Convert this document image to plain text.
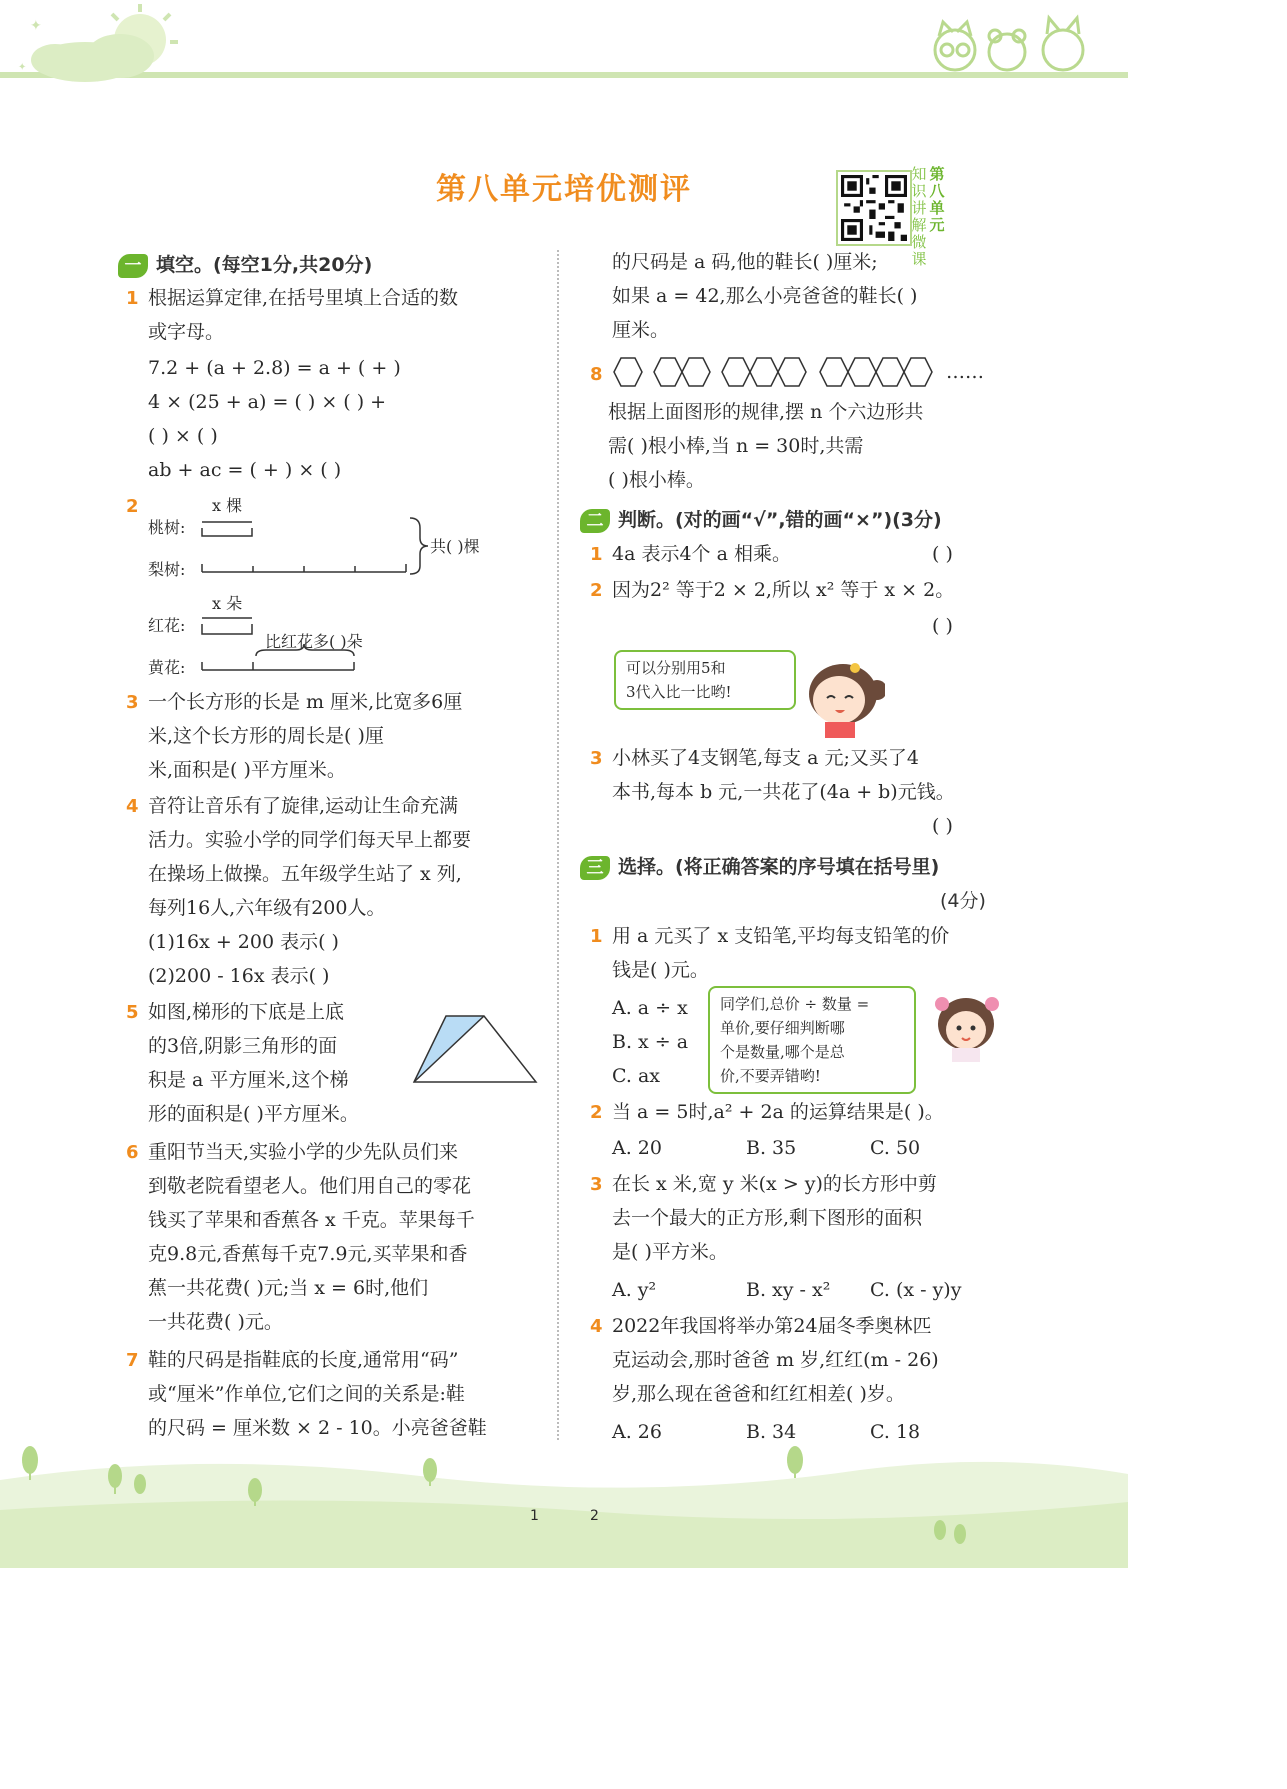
✦
✦
第八单元培优测评	知识讲解微课
第八单元
一 填空。(每空1分,共20分)
1 根据运算定律,在括号里填上合适的数
或字母。
7.2 + (a + 2.8) = a + ( + )
4 × (25 + a) = ( ) × ( ) +
( ) × ( )
ab + ac = ( + ) × ( )
2	x 棵
桃树:
梨树:
共( )棵
x 朵
红花:
比红花多( )朵
黄花:
3 一个长方形的长是 m 厘米,比宽多6厘
米,这个长方形的周长是( )厘
米,面积是( )平方厘米。
4 音符让音乐有了旋律,运动让生命充满
活力。实验小学的同学们每天早上都要
在操场上做操。五年级学生站了 x 列,
每列16人,六年级有200人。
(1)16x + 200 表示( )
(2)200 - 16x 表示( )
5 如图,梯形的下底是上底
的3倍,阴影三角形的面
积是 a 平方厘米,这个梯
形的面积是( )平方厘米。
6 重阳节当天,实验小学的少先队员们来
到敬老院看望老人。他们用自己的零花
钱买了苹果和香蕉各 x 千克。苹果每千
克9.8元,香蕉每千克7.9元,买苹果和香
蕉一共花费( )元;当 x = 6时,他们
一共花费( )元。
7 鞋的尺码是指鞋底的长度,通常用“码”
或“厘米”作单位,它们之间的关系是:鞋
的尺码 = 厘米数 × 2 - 10。小亮爸爸鞋
的尺码是 a 码,他的鞋长( )厘米;
如果 a = 42,那么小亮爸爸的鞋长( )
厘米。
8	……
根据上面图形的规律,摆 n 个六边形共
需( )根小棒,当 n = 30时,共需
( )根小棒。
二 判断。(对的画“√”,错的画“×”)(3分)
1 4a 表示4个 a 相乘。	( )
2 因为2² 等于2 × 2,所以 x² 等于 x × 2。
( )
可以分别用5和
3代入比一比哟!
3 小林买了4支钢笔,每支 a 元;又买了4
本书,每本 b 元,一共花了(4a + b)元钱。
( )
三 选择。(将正确答案的序号填在括号里)
(4分)
1 用 a 元买了 x 支铅笔,平均每支铅笔的价
钱是( )元。
A. a ÷ x
B. x ÷ a
C. ax
同学们,总价 ÷ 数量 =
单价,要仔细判断哪
个是数量,哪个是总
价,不要弄错哟!
2 当 a = 5时,a² + 2a 的运算结果是( )。
A. 20	B. 35	C. 50
3 在长 x 米,宽 y 米(x > y)的长方形中剪
去一个最大的正方形,剩下图形的面积
是( )平方米。
A. y²	B. xy - x² C. (x - y)y
4 2022年我国将举办第24届冬季奥林匹
克运动会,那时爸爸 m 岁,红红(m - 26)
岁,那么现在爸爸和红红相差( )岁。
A. 26	B. 34	C. 18
1	2
